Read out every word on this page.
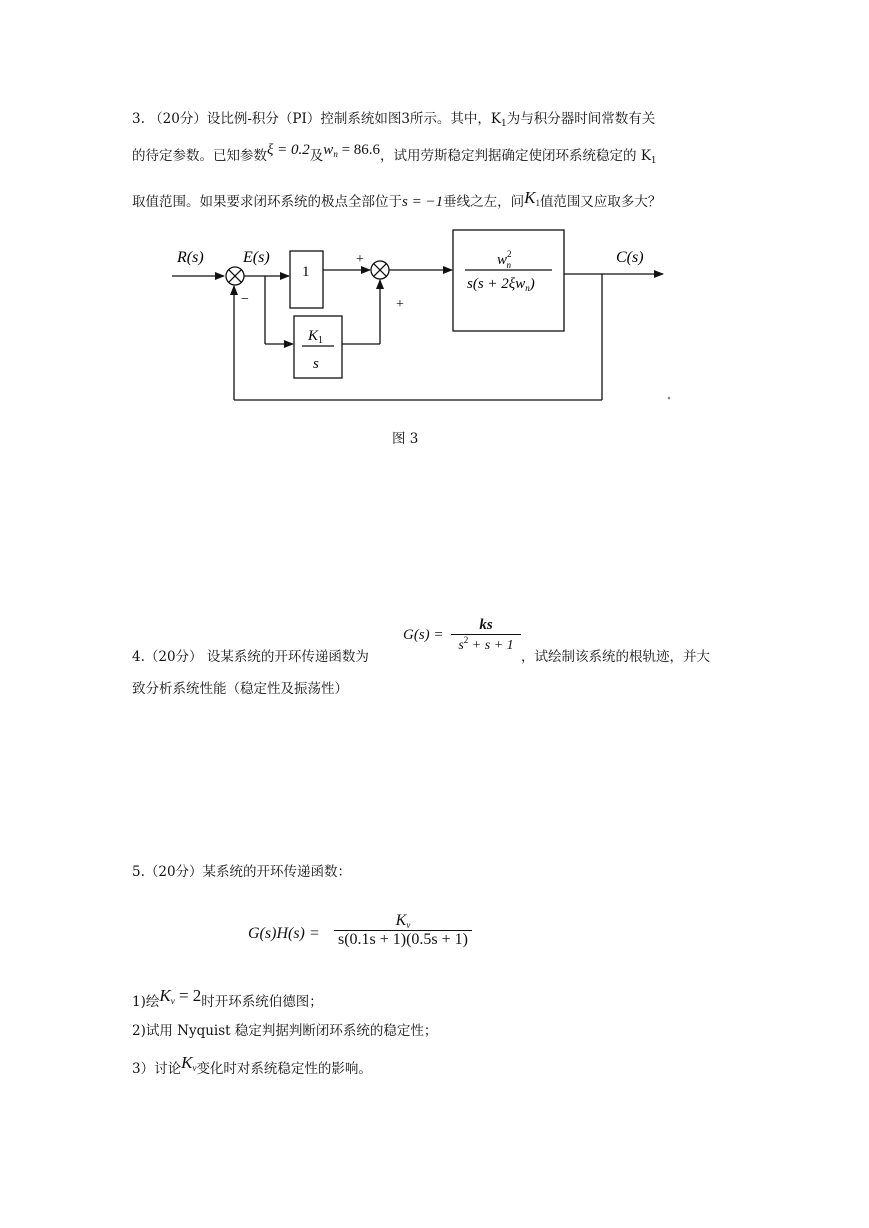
3. （20分）设比例-积分（PI）控制系统如图3所示。其中，$K_1$为与积分器时间常数有关
的待定参数。已知参数ξ = 0.2及$w_n = 86.6$，试用劳斯稳定判据确定使闭环系统稳定的 $K_1$
取值范围。如果要求闭环系统的极点全部位于s = −1垂线之左，问$K_1$值范围又应取多大？
R(s) E(s)	C(s)
1
−
+
+
$K_1$
s
$w^2$ n
$s(s + 2\xi w_n)$
图 3
G(s) =
ks
$s^2 + s + 1$
4.（20分） 设某系统的开环传递函数为	，试绘制该系统的根轨迹，并大
致分析系统性能（稳定性及振荡性）
5.（20分）某系统的开环传递函数：
G(s)H(s) =
$K_v$
s(0.1s + 1)(0.5s + 1)
1)绘$K_v = 2$时开环系统伯德图；
2)试用 Nyquist 稳定判据判断闭环系统的稳定性；
3）讨论$K_v$变化时对系统稳定性的影响。
